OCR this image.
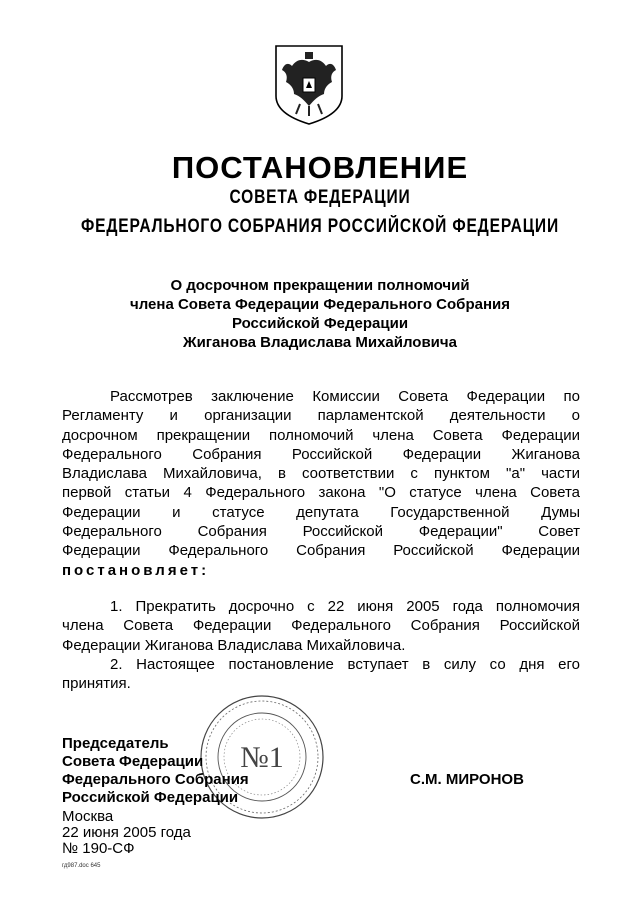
ПОСТАНОВЛЕНИЕ
СОВЕТА ФЕДЕРАЦИИ
ФЕДЕРАЛЬНОГО СОБРАНИЯ РОССИЙСКОЙ ФЕДЕРАЦИИ
О досрочном прекращении полномочий
члена Совета Федерации Федерального Собрания
Российской Федерации
Жиганова Владислава Михайловича
Рассмотрев заключение Комиссии Совета Федерации по
Регламенту и организации парламентской деятельности о
досрочном прекращении полномочий члена Совета Федерации
Федерального Собрания Российской Федерации Жиганова
Владислава Михайловича, в соответствии с пунктом "а" части
первой статьи 4 Федерального закона "О статусе члена Совета
Федерации и статусе депутата Государственной Думы
Федерального Собрания Российской Федерации" Совет
Федерации Федерального Собрания Российской Федерации
постановляет:
1. Прекратить досрочно с 22 июня 2005 года полномочия
члена Совета Федерации Федерального Собрания Российской
Федерации Жиганова Владислава Михайловича.
2. Настоящее постановление вступает в силу со дня его
принятия.
№1
Председатель
Совета Федерации
Федерального Собрания
Российской Федерации
С.М. МИРОНОВ
Москва
22 июня 2005 года
№ 190-СФ
гд987.doc 645
